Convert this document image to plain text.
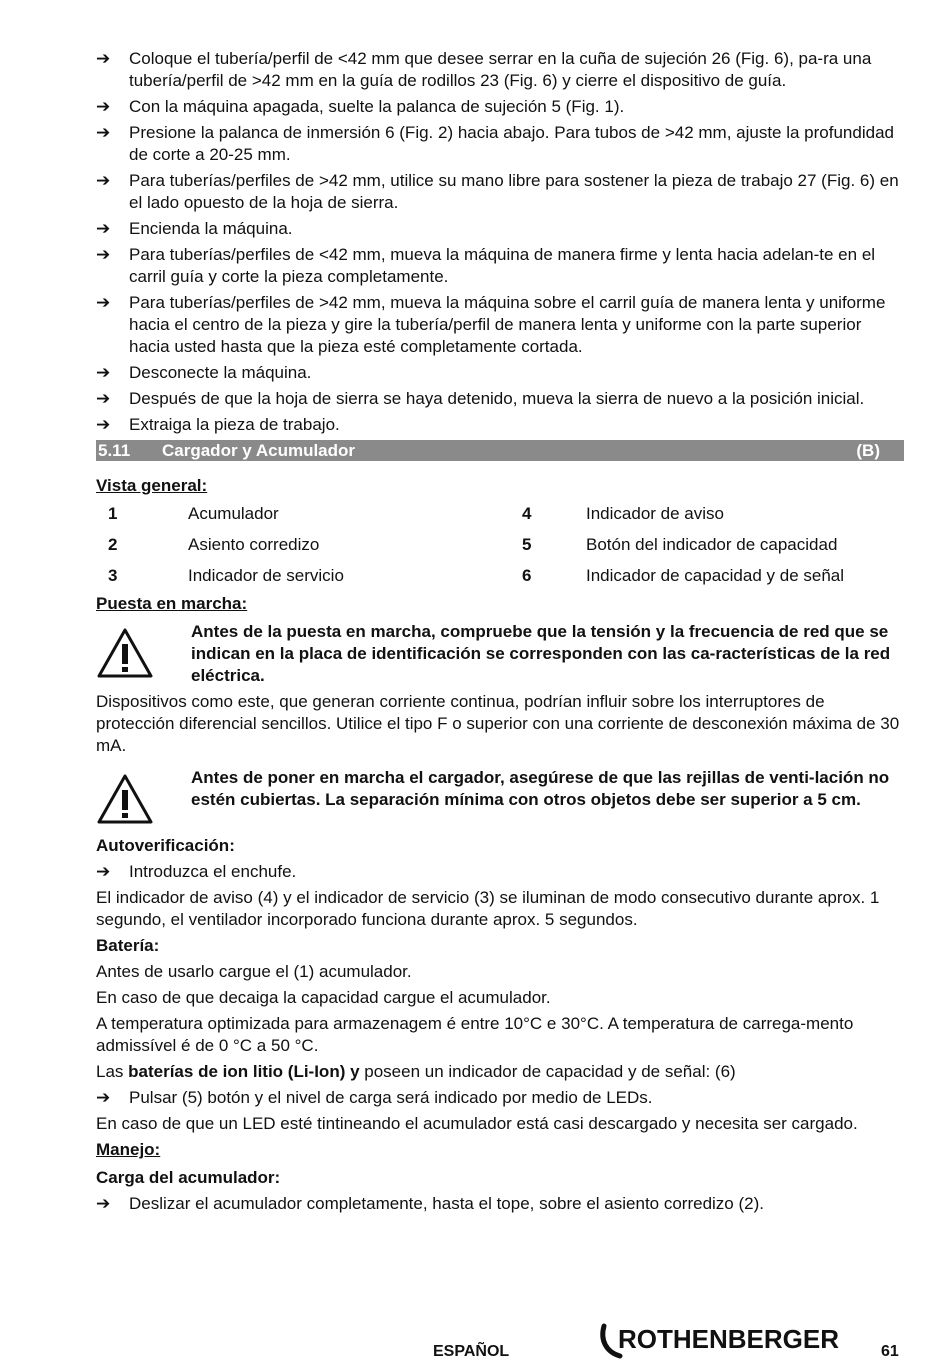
➔	Coloque el tubería/perfil de <42 mm que desee serrar en la cuña de sujeción 26 (Fig. 6), pa-ra una tubería/perfil de >42 mm en la guía de rodillos 23 (Fig. 6) y cierre el dispositivo de guía.
➔	Con la máquina apagada, suelte la palanca de sujeción 5 (Fig. 1).
➔	Presione la palanca de inmersión 6 (Fig. 2) hacia abajo. Para tubos de >42 mm, ajuste la profundidad de corte a 20-25 mm.
➔	Para tuberías/perfiles de >42 mm, utilice su mano libre para sostener la pieza de trabajo 27 (Fig. 6) en el lado opuesto de la hoja de sierra.
➔	Encienda la máquina.
➔	Para tuberías/perfiles de <42 mm, mueva la máquina de manera firme y lenta hacia adelan-te en el carril guía y corte la pieza completamente.
➔	Para tuberías/perfiles de >42 mm, mueva la máquina sobre el carril guía de manera lenta y uniforme hacia el centro de la pieza y gire la tubería/perfil de manera lenta y uniforme con la parte superior hacia usted hasta que la pieza esté completamente cortada.
➔	Desconecte la máquina.
➔	Después de que la hoja de sierra se haya detenido, mueva la sierra de nuevo a la posición inicial.
➔	Extraiga la pieza de trabajo.
5.11	Cargador y Acumulador	(B)
Vista general:
1	Acumulador	4	Indicador de aviso
2	Asiento corredizo	5	Botón del indicador de capacidad
3	Indicador de servicio	6	Indicador de capacidad y de señal
Puesta en marcha:
Antes de la puesta en marcha, compruebe que la tensión y la frecuencia de red que se indican en la placa de identificación se corresponden con las ca-racterísticas de la red eléctrica.

Dispositivos como este, que generan corriente continua, podrían influir sobre los interruptores de protección diferencial sencillos. Utilice el tipo F o superior con una corriente de desconexión máxima de 30 mA.

Antes de poner en marcha el cargador, asegúrese de que las rejillas de venti-lación no estén cubiertas. La separación mínima con otros objetos debe ser superior a 5 cm.
Autoverificación:
➔	Introduzca el enchufe.

El indicador de aviso (4) y el indicador de servicio (3) se iluminan de modo consecutivo durante aprox. 1 segundo, el ventilador incorporado funciona durante aprox. 5 segundos.

Batería:

Antes de usarlo cargue el (1) acumulador.

En caso de que decaiga la capacidad cargue el acumulador.

A temperatura optimizada para armazenagem é entre 10°C e 30°C. A temperatura de carrega-mento admissível é de 0 °C a 50 °C.

Las baterías de ion litio (Li-Ion) y poseen un indicador de capacidad y de señal: (6)

➔	Pulsar (5) botón y el nivel de carga será indicado por medio de LEDs.

En caso de que un LED esté tintineando el acumulador está casi descargado y necesita ser cargado.

Manejo:
Carga del acumulador:
➔	Deslizar el acumulador completamente, hasta el tope, sobre el asiento corredizo (2).
ESPAÑOL	ROTHENBERGER	61
